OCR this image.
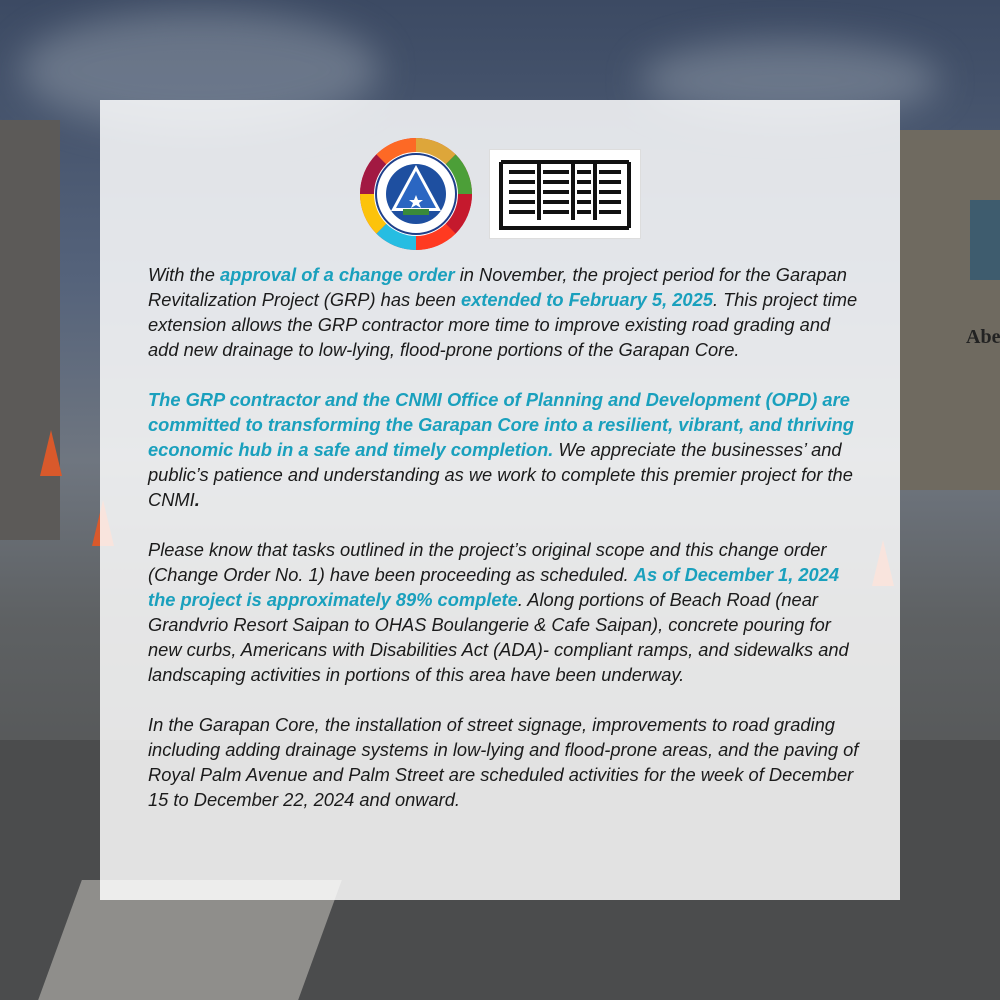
Abe

With the approval of a change order in November, the project period for the Garapan Revitalization Project (GRP) has been extended to February 5, 2025. This project time extension allows the GRP contractor more time to improve existing road grading and add new drainage to low-lying, flood-prone portions of the Garapan Core.

The GRP contractor and the CNMI Office of Planning and Development (OPD) are committed to transforming the Garapan Core into a resilient, vibrant, and thriving economic hub in a safe and timely completion. We appreciate the businesses’ and public’s patience and understanding as we work to complete this premier project for the CNMI.

Please know that tasks outlined in the project’s original scope and this change order (Change Order No. 1) have been proceeding as scheduled. As of December 1, 2024 the project is approximately 89% complete. Along portions of Beach Road (near Grandvrio Resort Saipan to OHAS Boulangerie & Cafe Saipan), concrete pouring for new curbs, Americans with Disabilities Act (ADA)- compliant ramps, and sidewalks and landscaping activities in portions of this area have been underway.

In the Garapan Core, the installation of street signage, improvements to road grading including adding drainage systems in low-lying and flood-prone areas, and the paving of Royal Palm Avenue and Palm Street are scheduled activities for the week of December 15 to December 22, 2024 and onward.
